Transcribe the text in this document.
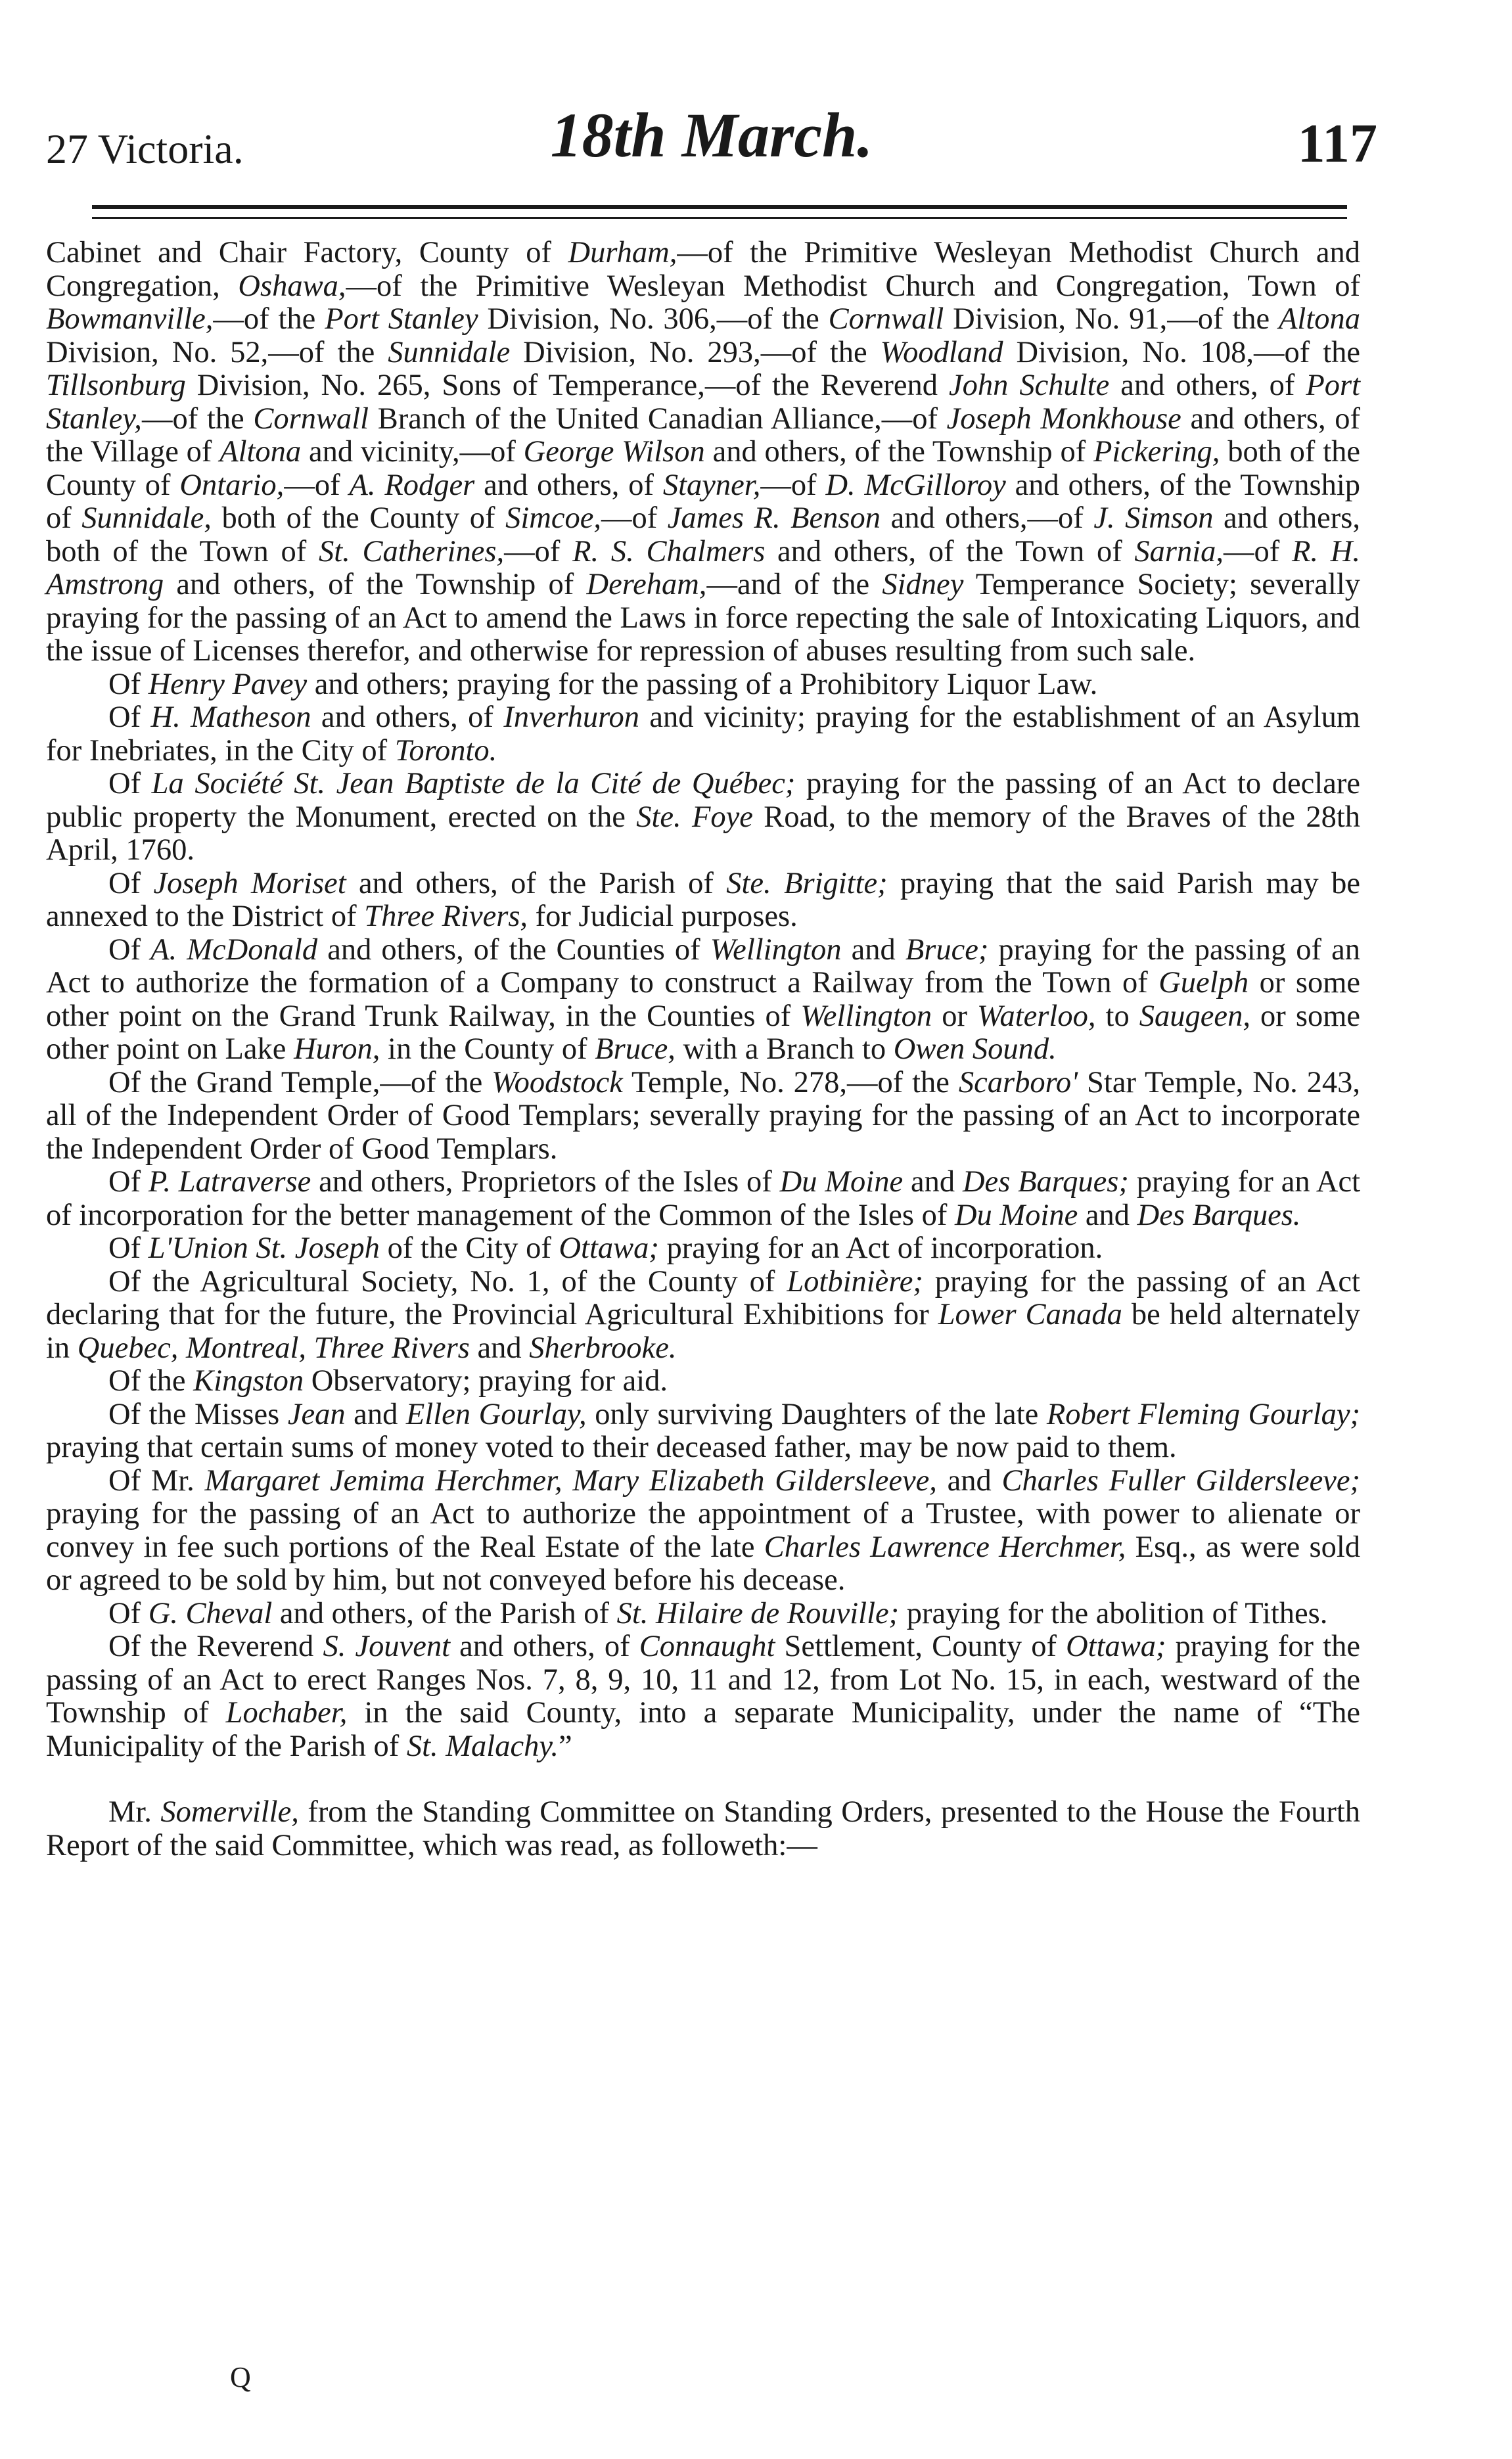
27 Victoria.	18th March.	117

Cabinet and Chair Factory, County of Durham,—of the Primitive Wesleyan Methodist Church and Congregation, Oshawa,—of the Primitive Wesleyan Methodist Church and Congregation, Town of Bowmanville,—of the Port Stanley Division, No. 306,—of the Cornwall Division, No. 91,—of the Altona Division, No. 52,—of the Sunnidale Division, No. 293,—of the Woodland Division, No. 108,—of the Tillsonburg Division, No. 265, Sons of Temperance,—of the Reverend John Schulte and others, of Port Stanley,—of the Cornwall Branch of the United Canadian Alliance,—of Joseph Monkhouse and others, of the Village of Altona and vicinity,—of George Wilson and others, of the Township of Pickering, both of the County of Ontario,—of A. Rodger and others, of Stayner,—of D. McGilloroy and others, of the Township of Sunnidale, both of the County of Simcoe,—of James R. Benson and others,—of J. Simson and others, both of the Town of St. Catherines,—of R. S. Chalmers and others, of the Town of Sarnia,—of R. H. Amstrong and others, of the Township of Dereham,—and of the Sidney Temperance Society; severally praying for the passing of an Act to amend the Laws in force repecting the sale of Intoxicating Liquors, and the issue of Licenses therefor, and otherwise for repression of abuses resulting from such sale.

Of Henry Pavey and others; praying for the passing of a Prohibitory Liquor Law.

Of H. Matheson and others, of Inverhuron and vicinity; praying for the establishment of an Asylum for Inebriates, in the City of Toronto.

Of La Société St. Jean Baptiste de la Cité de Québec; praying for the passing of an Act to declare public property the Monument, erected on the Ste. Foye Road, to the memory of the Braves of the 28th April, 1760.

Of Joseph Moriset and others, of the Parish of Ste. Brigitte; praying that the said Parish may be annexed to the District of Three Rivers, for Judicial purposes.

Of A. McDonald and others, of the Counties of Wellington and Bruce; praying for the passing of an Act to authorize the formation of a Company to construct a Railway from the Town of Guelph or some other point on the Grand Trunk Railway, in the Counties of Wellington or Waterloo, to Saugeen, or some other point on Lake Huron, in the County of Bruce, with a Branch to Owen Sound.

Of the Grand Temple,—of the Woodstock Temple, No. 278,—of the Scarboro' Star Temple, No. 243, all of the Independent Order of Good Templars; severally praying for the passing of an Act to incorporate the Independent Order of Good Templars.

Of P. Latraverse and others, Proprietors of the Isles of Du Moine and Des Barques; praying for an Act of incorporation for the better management of the Common of the Isles of Du Moine and Des Barques.

Of L'Union St. Joseph of the City of Ottawa; praying for an Act of incorporation.

Of the Agricultural Society, No. 1, of the County of Lotbinière; praying for the passing of an Act declaring that for the future, the Provincial Agricultural Exhibitions for Lower Canada be held alternately in Quebec, Montreal, Three Rivers and Sherbrooke.

Of the Kingston Observatory; praying for aid.

Of the Misses Jean and Ellen Gourlay, only surviving Daughters of the late Robert Fleming Gourlay; praying that certain sums of money voted to their deceased father, may be now paid to them.

Of Mr. Margaret Jemima Herchmer, Mary Elizabeth Gildersleeve, and Charles Fuller Gildersleeve; praying for the passing of an Act to authorize the appointment of a Trustee, with power to alienate or convey in fee such portions of the Real Estate of the late Charles Lawrence Herchmer, Esq., as were sold or agreed to be sold by him, but not conveyed before his decease.

Of G. Cheval and others, of the Parish of St. Hilaire de Rouville; praying for the abolition of Tithes.

Of the Reverend S. Jouvent and others, of Connaught Settlement, County of Ottawa; praying for the passing of an Act to erect Ranges Nos. 7, 8, 9, 10, 11 and 12, from Lot No. 15, in each, westward of the Township of Lochaber, in the said County, into a separate Municipality, under the name of “The Municipality of the Parish of St. Malachy.”

Mr. Somerville, from the Standing Committee on Standing Orders, presented to the House the Fourth Report of the said Committee, which was read, as followeth:—

Q
